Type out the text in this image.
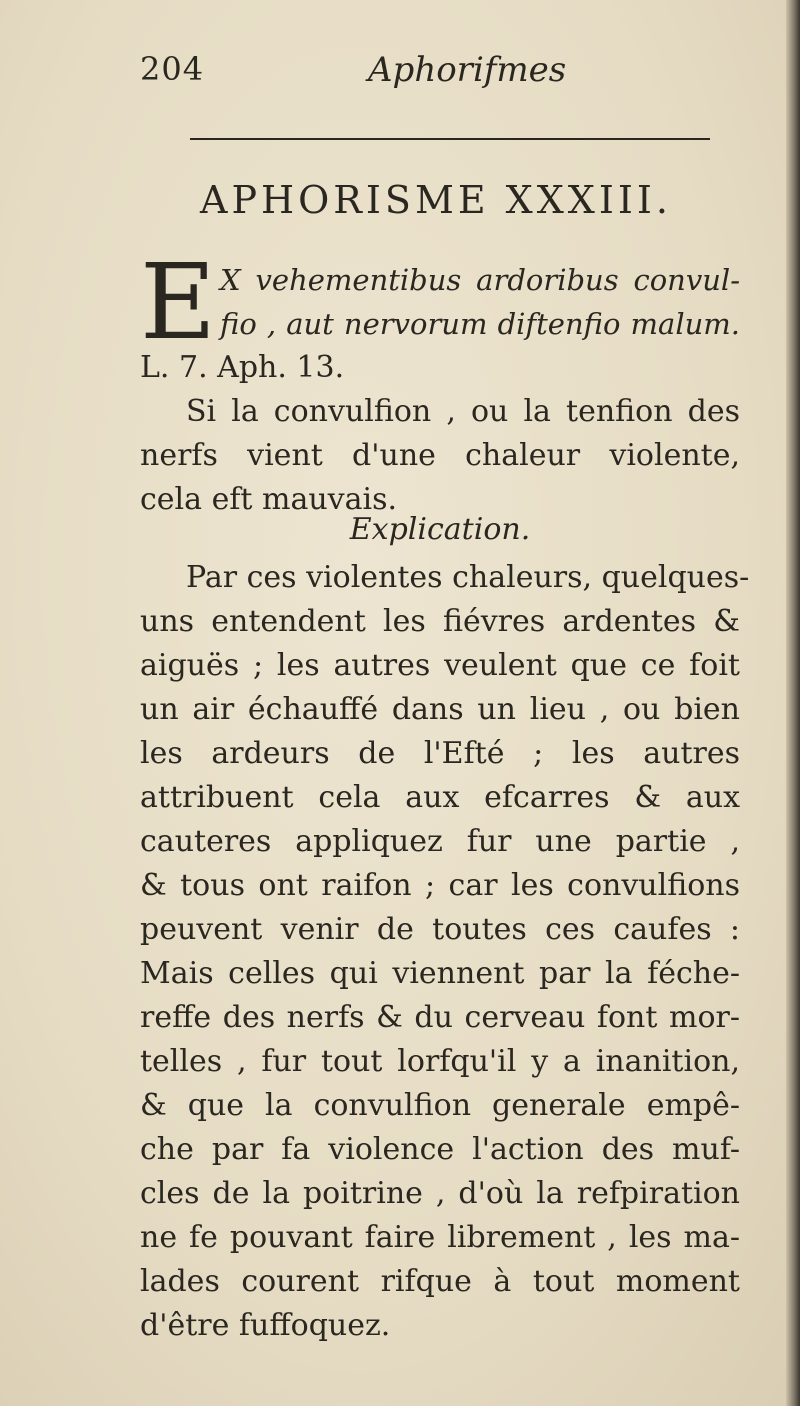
204	Aphorifmes
APHORISME XXXIII.
E X vehementibus ardoribus convul-
fio , aut nervorum diftenfio malum.
L. 7. Aph. 13.
Si la convulfion , ou la tenfion des
nerfs vient d'une chaleur violente,
cela eft mauvais.
Explication.
Par ces violentes chaleurs, quelques-
uns entendent les fiévres ardentes &
aiguës ; les autres veulent que ce foit
un air échauffé dans un lieu , ou bien
les ardeurs de l'Efté ; les autres
attribuent cela aux efcarres & aux
cauteres appliquez fur une partie ,
& tous ont raifon ; car les convulfions
peuvent venir de toutes ces caufes :
Mais celles qui viennent par la féche-
reffe des nerfs & du cerveau font mor-
telles , fur tout lorfqu'il y a inanition,
& que la convulfion generale empê-
che par fa violence l'action des muf-
cles de la poitrine , d'où la refpiration
ne fe pouvant faire librement , les ma-
lades courent rifque à tout moment
d'être fuffoquez.
